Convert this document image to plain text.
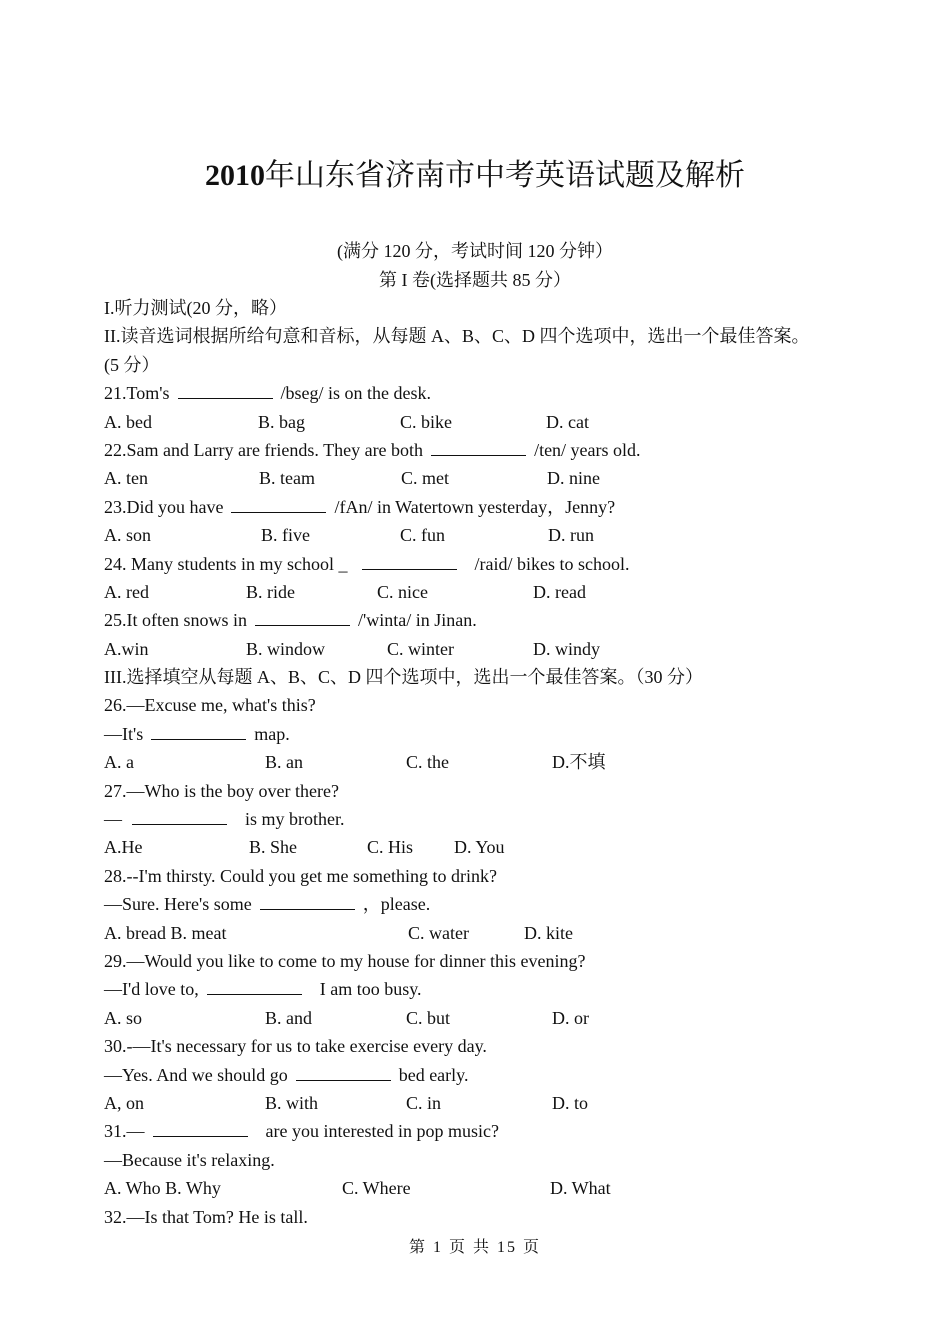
2010年山东省济南市中考英语试题及解析
(满分 120 分，考试时间 120 分钟）
第 I 卷(选择题共 85 分）
I.听力测试(20 分，略）
II.读音选词根据所给句意和音标，从每题 A、B、C、D 四个选项中，选出一个最佳答案。
(5 分）
21.Tom's	/bseg/ is on the desk.
A. bed	B. bag	C. bike	D. cat
22.Sam and Larry are friends. They are both	/ten/ years old.
A. ten	B. team	C. met	D. nine
23.Did you have	/fAn/ in Watertown yesterday，Jenny?
A. son	B. five	C. fun	D. run
24. Many students in my school _	/raid/ bikes to school.
A. red	B. ride	C. nice	D. read
25.It often snows in	/'winta/ in Jinan.
A.win	B. window	C. winter	D. windy
III.选择填空从每题 A、B、C、D 四个选项中，选出一个最佳答案。（30 分）
26.—Excuse me, what's this?
—It's	map.
A. a	B. an	C. the	D.不填
27.—Who is the boy over there?
—	is my brother.
A.He	B. She	C. His D. You
28.--I'm thirsty. Could you get me something to drink?
—Sure. Here's some	，please.
A. bread B. meat	C. water	D. kite
29.—Would you like to come to my house for dinner this evening?
—I'd love to,	I am too busy.
A. so	B. and	C. but	D. or
30.-—It's necessary for us to take exercise every day.
—Yes. And we should go	bed early.
A, on	B. with	C. in	D. to
31.—	are you interested in pop music?
—Because it's relaxing.
A. Who B. Why	C. Where	D. What
32.—Is that Tom? He is tall.
第 1 页 共 15 页
